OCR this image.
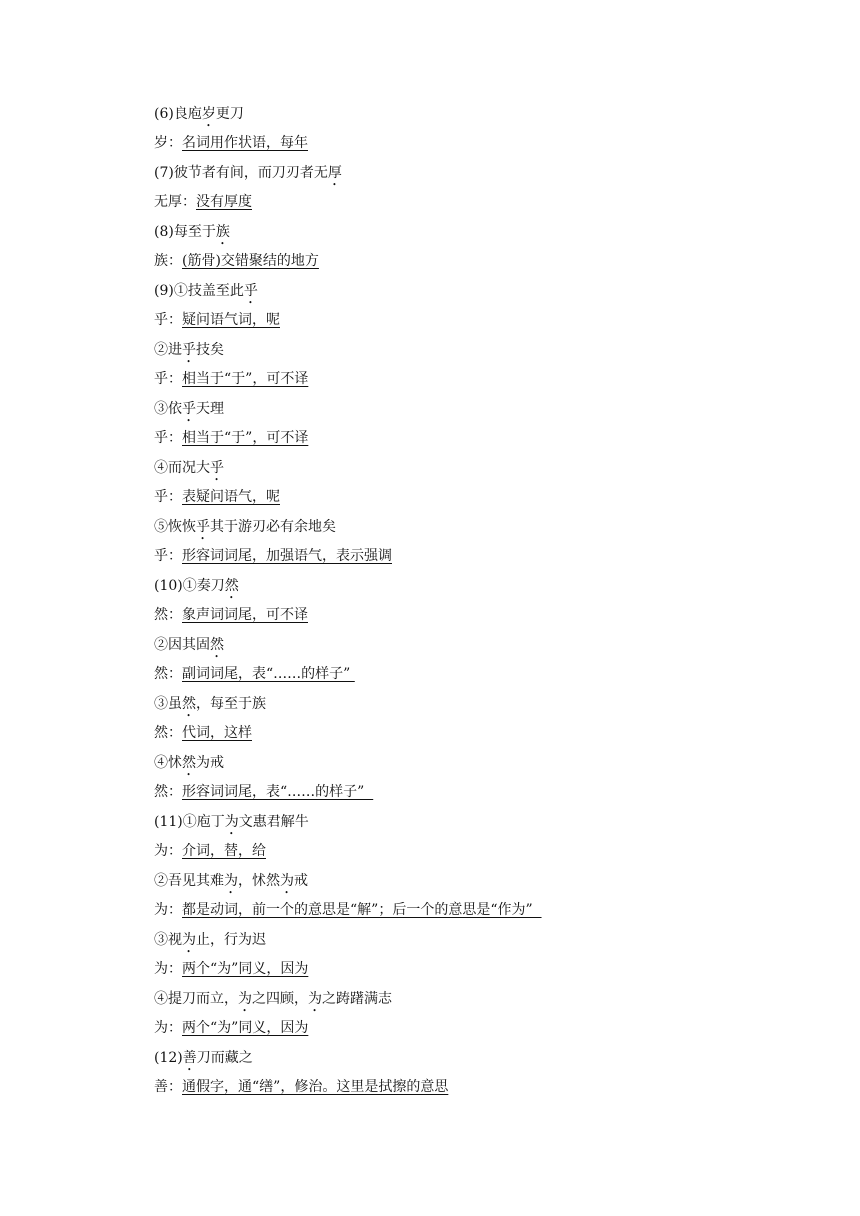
(6)良庖岁更刀
岁：名词用作状语，每年
(7)彼节者有间，而刀刃者无厚
无厚：没有厚度
(8)每至于族
族：(筋骨)交错聚结的地方
(9)①技盖至此乎
乎：疑问语气词，呢
②进乎技矣
乎：相当于“于”，可不译
③依乎天理
乎：相当于“于”，可不译
④而况大乎
乎：表疑问语气，呢
⑤恢恢乎其于游刃必有余地矣
乎：形容词词尾，加强语气，表示强调
(10)①奏刀然
然：象声词词尾，可不译
②因其固然
然：副词词尾，表“……的样子”
③虽然，每至于族
然：代词，这样
④怵然为戒
然：形容词词尾，表“……的样子”
(11)①庖丁为文惠君解牛
为：介词，替，给
②吾见其难为，怵然为戒
为：都是动词，前一个的意思是“解”；后一个的意思是“作为”
③视为止，行为迟
为：两个“为”同义，因为
④提刀而立，为之四顾，为之踌躇满志
为：两个“为”同义，因为
(12)善刀而藏之
善：通假字，通“缮”，修治。这里是拭擦的意思
